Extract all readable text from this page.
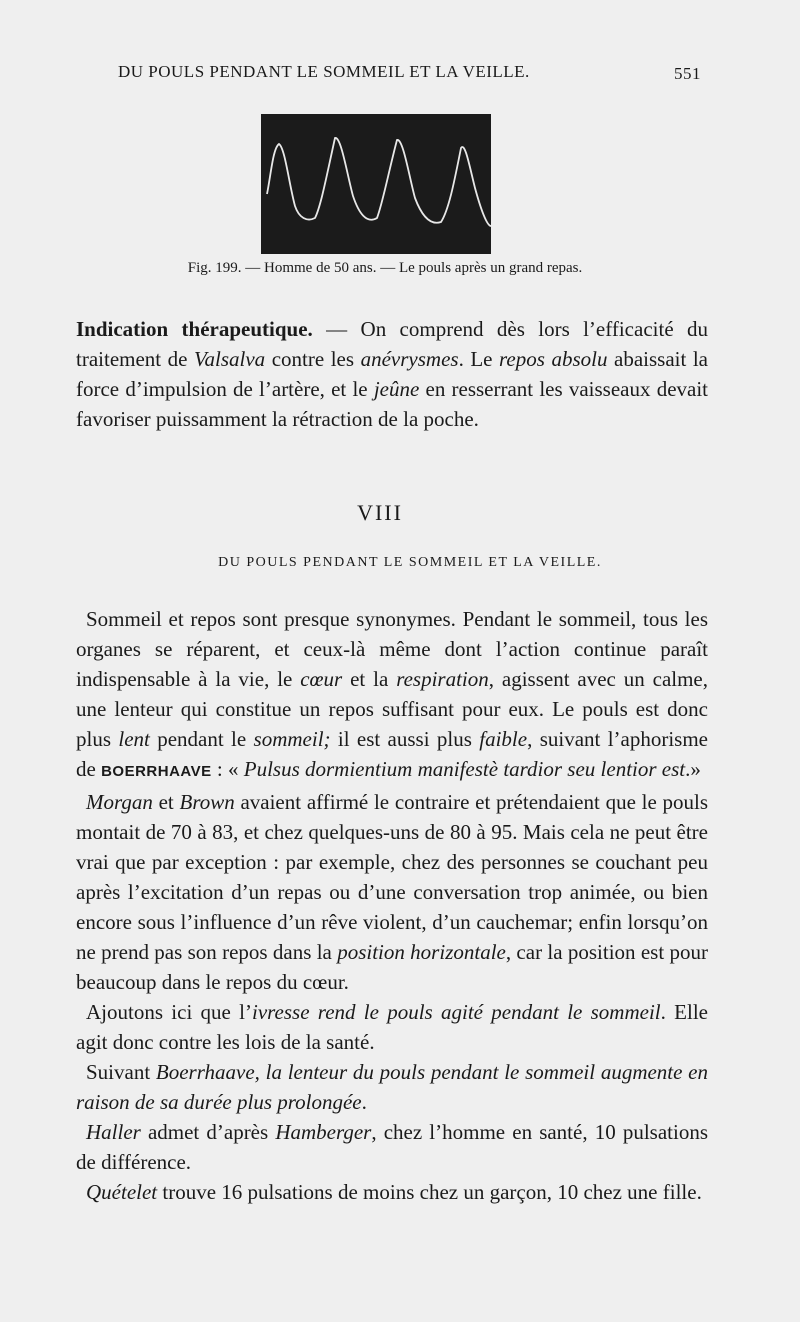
DU POULS PENDANT LE SOMMEIL ET LA VEILLE.	551
Fig. 199. — Homme de 50 ans. — Le pouls après un grand repas.
Indication thérapeutique. — On comprend dès lors l’efficacité du traitement de Valsalva contre les anévrysmes. Le repos absolu abaissait la force d’impulsion de l’artère, et le jeûne en resserrant les vaisseaux devait favoriser puissamment la rétraction de la poche.
VIII
DU POULS PENDANT LE SOMMEIL ET LA VEILLE.

Sommeil et repos sont presque synonymes. Pendant le sommeil, tous les organes se réparent, et ceux-là même dont l’action continue paraît indispensable à la vie, le cœur et la respiration, agissent avec un calme, une lenteur qui constitue un repos suffisant pour eux. Le pouls est donc plus lent pendant le sommeil; il est aussi plus faible, suivant l’aphorisme de BOERRHAAVE : « Pulsus dormientium manifestè tardior seu lentior est.»

Morgan et Brown avaient affirmé le contraire et prétendaient que le pouls montait de 70 à 83, et chez quelques-uns de 80 à 95. Mais cela ne peut être vrai que par exception : par exemple, chez des personnes se couchant peu après l’excitation d’un repas ou d’une conversation trop animée, ou bien encore sous l’influence d’un rêve violent, d’un cauchemar; enfin lorsqu’on ne prend pas son repos dans la position horizontale, car la position est pour beaucoup dans le repos du cœur.

Ajoutons ici que l’ivresse rend le pouls agité pendant le sommeil. Elle agit donc contre les lois de la santé.

Suivant Boerrhaave, la lenteur du pouls pendant le sommeil augmente en raison de sa durée plus prolongée.

Haller admet d’après Hamberger, chez l’homme en santé, 10 pulsations de différence.

Quételet trouve 16 pulsations de moins chez un garçon, 10 chez une fille.
